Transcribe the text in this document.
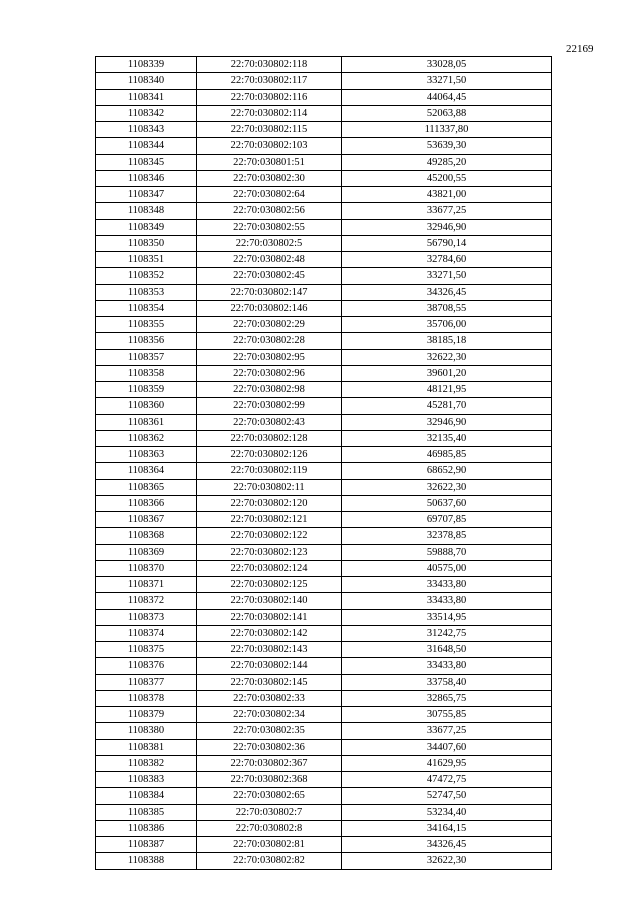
22169
1108339	22:70:030802:118	33028,05
1108340	22:70:030802:117	33271,50
1108341	22:70:030802:116	44064,45
1108342	22:70:030802:114	52063,88
1108343	22:70:030802:115	111337,80
1108344	22:70:030802:103	53639,30
1108345	22:70:030801:51	49285,20
1108346	22:70:030802:30	45200,55
1108347	22:70:030802:64	43821,00
1108348	22:70:030802:56	33677,25
1108349	22:70:030802:55	32946,90
1108350	22:70:030802:5	56790,14
1108351	22:70:030802:48	32784,60
1108352	22:70:030802:45	33271,50
1108353	22:70:030802:147	34326,45
1108354	22:70:030802:146	38708,55
1108355	22:70:030802:29	35706,00
1108356	22:70:030802:28	38185,18
1108357	22:70:030802:95	32622,30
1108358	22:70:030802:96	39601,20
1108359	22:70:030802:98	48121,95
1108360	22:70:030802:99	45281,70
1108361	22:70:030802:43	32946,90
1108362	22:70:030802:128	32135,40
1108363	22:70:030802:126	46985,85
1108364	22:70:030802:119	68652,90
1108365	22:70:030802:11	32622,30
1108366	22:70:030802:120	50637,60
1108367	22:70:030802:121	69707,85
1108368	22:70:030802:122	32378,85
1108369	22:70:030802:123	59888,70
1108370	22:70:030802:124	40575,00
1108371	22:70:030802:125	33433,80
1108372	22:70:030802:140	33433,80
1108373	22:70:030802:141	33514,95
1108374	22:70:030802:142	31242,75
1108375	22:70:030802:143	31648,50
1108376	22:70:030802:144	33433,80
1108377	22:70:030802:145	33758,40
1108378	22:70:030802:33	32865,75
1108379	22:70:030802:34	30755,85
1108380	22:70:030802:35	33677,25
1108381	22:70:030802:36	34407,60
1108382	22:70:030802:367	41629,95
1108383	22:70:030802:368	47472,75
1108384	22:70:030802:65	52747,50
1108385	22:70:030802:7	53234,40
1108386	22:70:030802:8	34164,15
1108387	22:70:030802:81	34326,45
1108388	22:70:030802:82	32622,30
